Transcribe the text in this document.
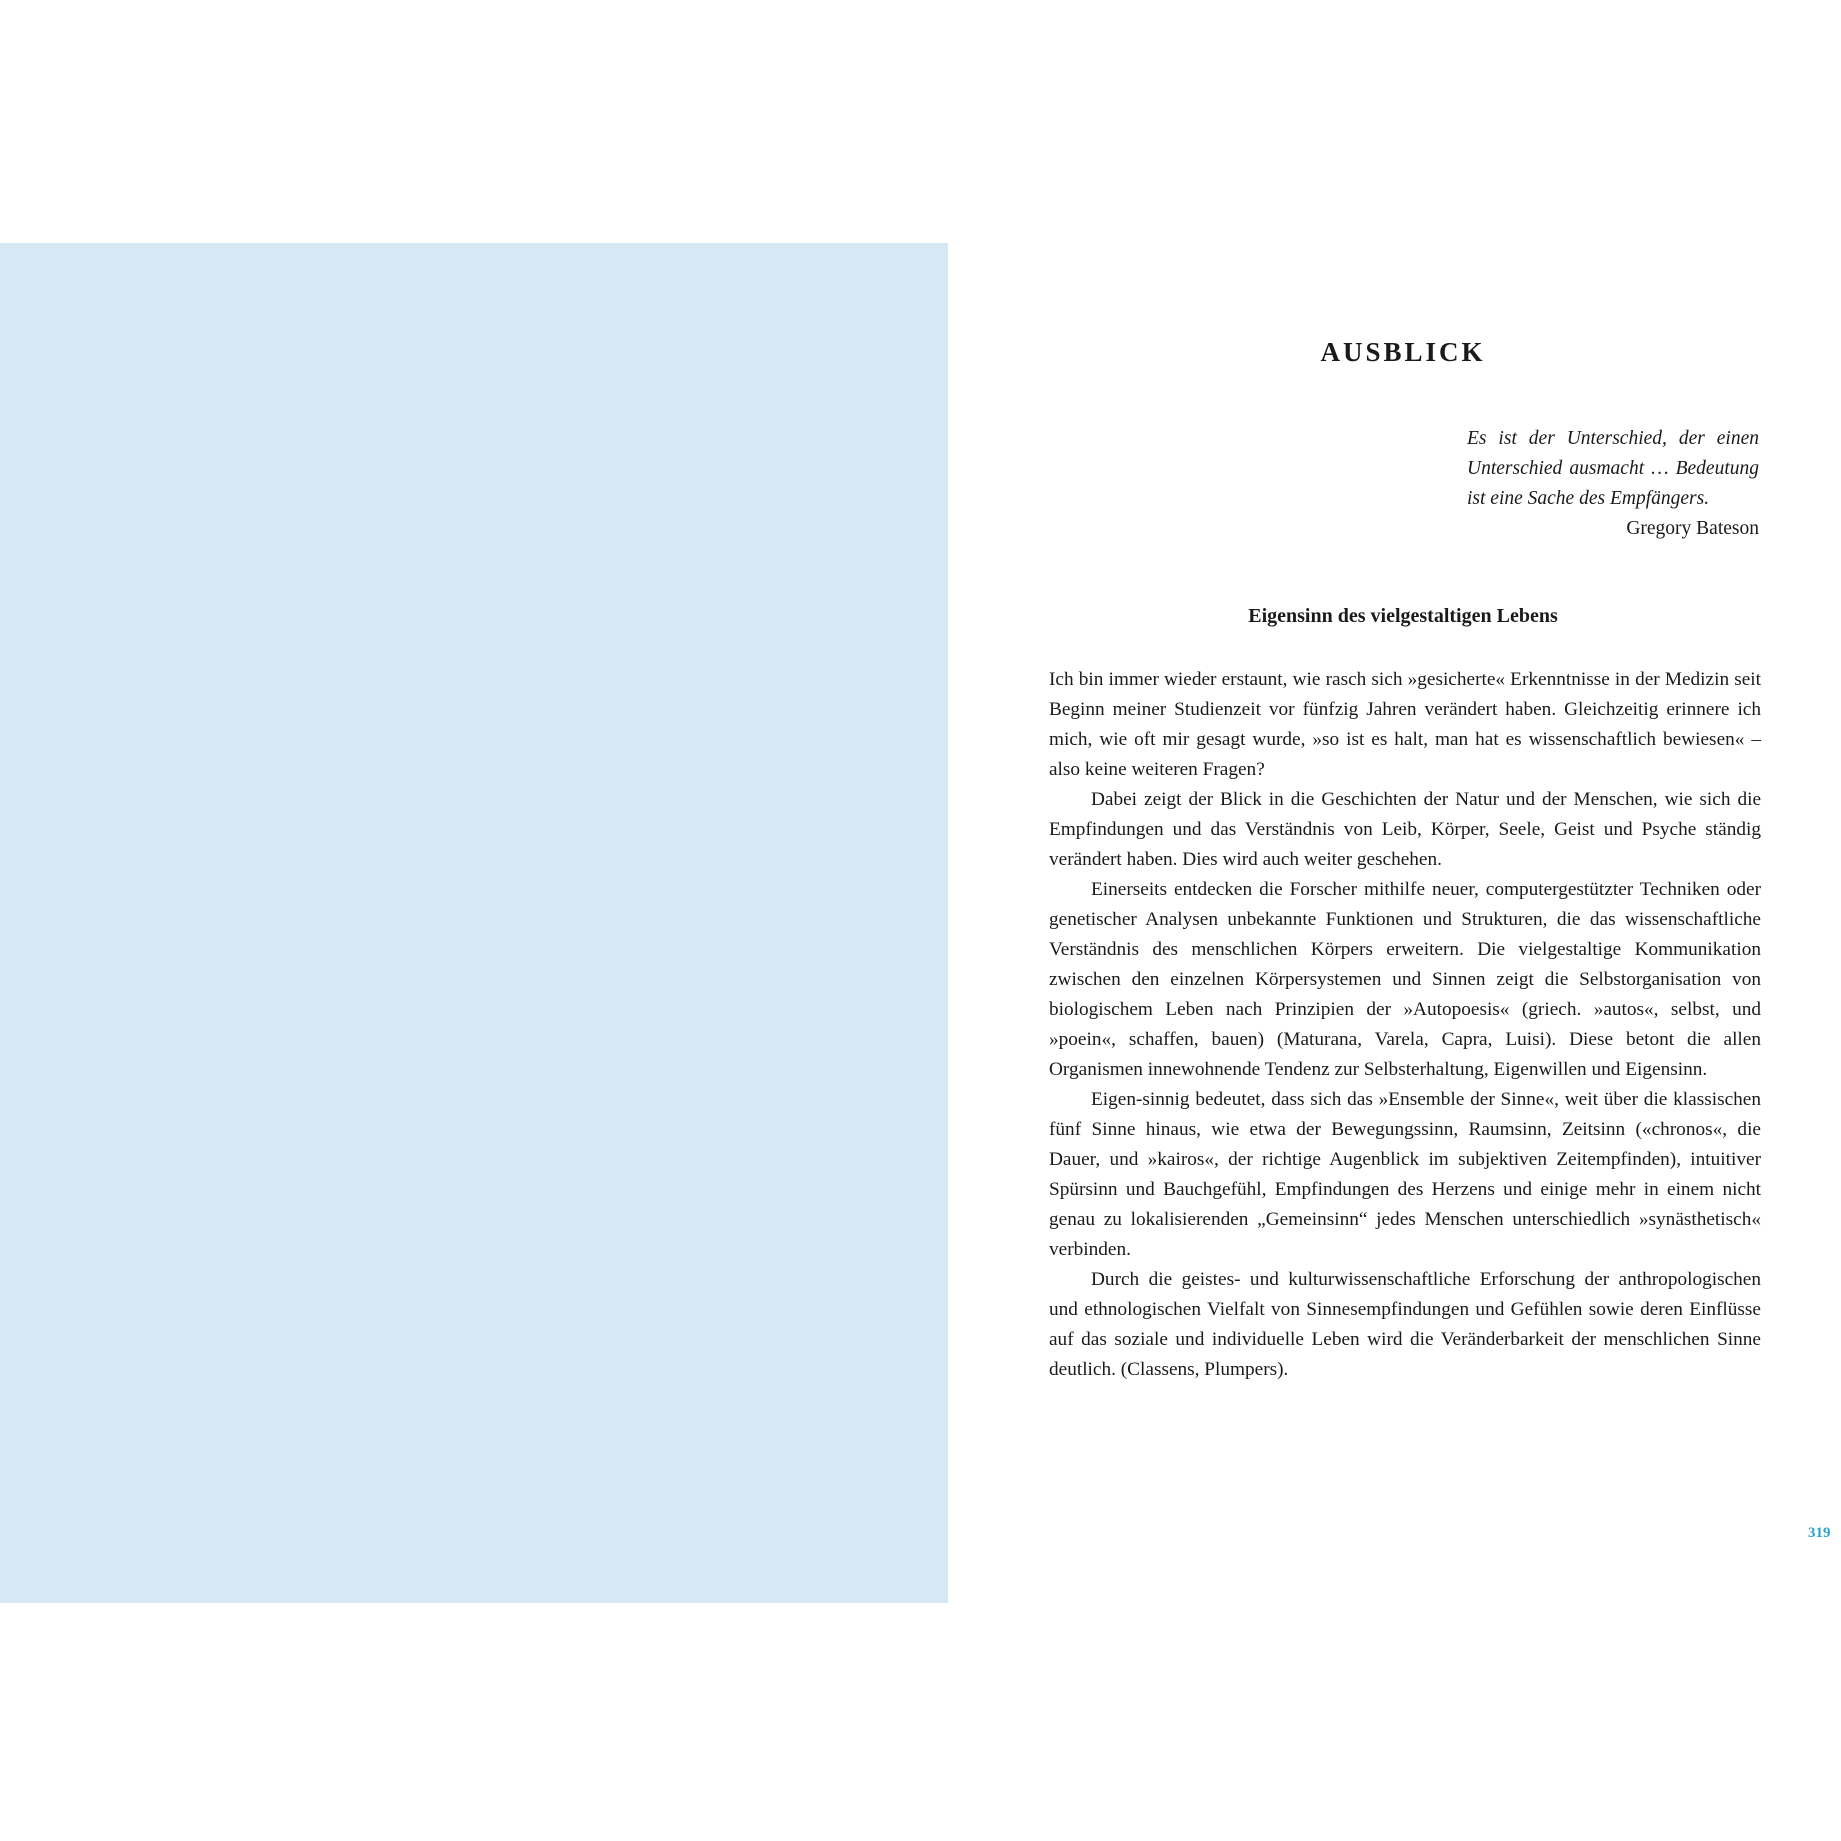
AUSBLICK

Es ist der Unterschied, der einen Unterschied ausmacht … Bedeutung ist eine Sache des Empfängers.

Gregory Bateson

Eigensinn des vielgestaltigen Lebens

Ich bin immer wieder erstaunt, wie rasch sich »gesicherte« Erkenntnisse in der Medizin seit Beginn meiner Studienzeit vor fünfzig Jahren verändert haben. Gleichzeitig erinnere ich mich, wie oft mir gesagt wurde, »so ist es halt, man hat es wissenschaftlich bewiesen« – also keine weiteren Fragen?

Dabei zeigt der Blick in die Geschichten der Natur und der Menschen, wie sich die Empfindungen und das Verständnis von Leib, Körper, Seele, Geist und Psyche ständig verändert haben. Dies wird auch weiter geschehen.

Einerseits entdecken die Forscher mithilfe neuer, computergestützter Techniken oder genetischer Analysen unbekannte Funktionen und Strukturen, die das wissenschaftliche Verständnis des menschlichen Körpers erweitern. Die vielgestaltige Kommunikation zwischen den einzelnen Körpersystemen und Sinnen zeigt die Selbstorganisation von biologischem Leben nach Prinzipien der »Autopoesis« (griech. »autos«, selbst, und »poein«, schaffen, bauen) (Maturana, Varela, Capra, Luisi). Diese betont die allen Organismen innewohnende Tendenz zur Selbsterhaltung, Eigenwillen und Eigensinn.

Eigen-sinnig bedeutet, dass sich das »Ensemble der Sinne«, weit über die klassischen fünf Sinne hinaus, wie etwa der Bewegungssinn, Raumsinn, Zeitsinn («chronos«, die Dauer, und »kairos«, der richtige Augenblick im subjektiven Zeitempfinden), intuitiver Spürsinn und Bauchgefühl, Empfindungen des Herzens und einige mehr in einem nicht genau zu lokalisierenden „Gemeinsinn“ jedes Menschen unterschiedlich »synästhetisch« verbinden.

Durch die geistes- und kulturwissenschaftliche Erforschung der anthropologischen und ethnologischen Vielfalt von Sinnesempfindungen und Gefühlen sowie deren Einflüsse auf das soziale und individuelle Leben wird die Veränderbarkeit der menschlichen Sinne deutlich. (Classens, Plumpers).

319
